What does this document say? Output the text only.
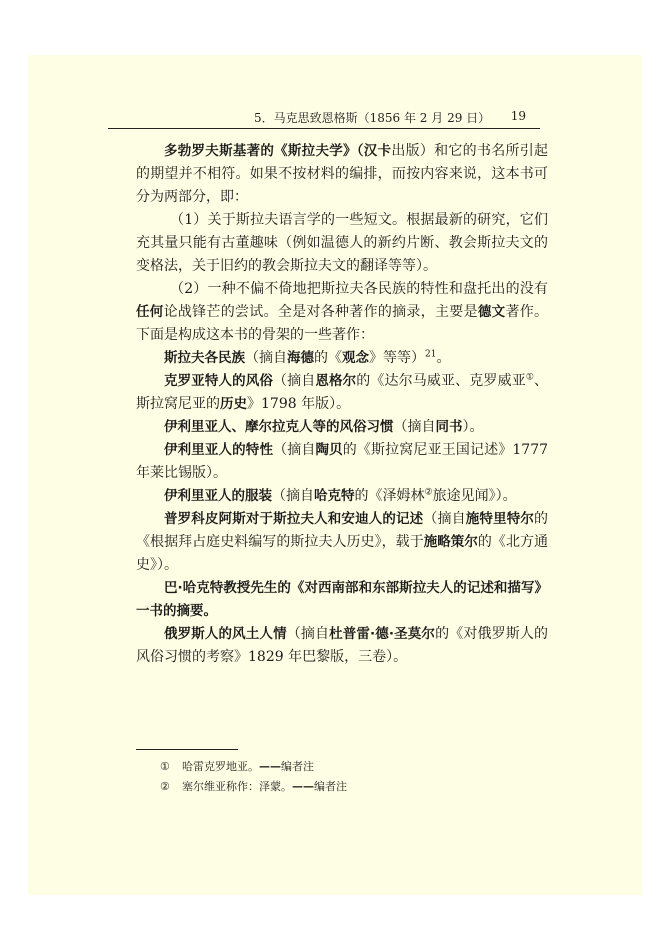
5．马克思致恩格斯（1856 年 2 月 29 日） 19

多勃罗夫斯基著的《斯拉夫学》（汉卡出版）和它的书名所引起的期望并不相符。如果不按材料的编排，而按内容来说，这本书可分为两部分，即：

（1）关于斯拉夫语言学的一些短文。根据最新的研究，它们充其量只能有古董趣味（例如温德人的新约片断、教会斯拉夫文的变格法，关于旧约的教会斯拉夫文的翻译等等）。

（2）一种不偏不倚地把斯拉夫各民族的特性和盘托出的没有任何论战锋芒的尝试。全是对各种著作的摘录，主要是德文著作。下面是构成这本书的骨架的一些著作：

斯拉夫各民族（摘自海德的《观念》等等）$^{21}$。

克罗亚特人的风俗（摘自恩格尔的《达尔马威亚、克罗威亚①、斯拉窝尼亚的历史》1798 年版）。

伊利里亚人、摩尔拉克人等的风俗习惯（摘自同书）。

伊利里亚人的特性（摘自陶贝的《斯拉窝尼亚王国记述》1777 年莱比锡版）。

伊利里亚人的服装（摘自哈克特的《泽姆林②旅途见闻》）。

普罗科皮阿斯对于斯拉夫人和安迪人的记述（摘自施特里特尔的《根据拜占庭史料编写的斯拉夫人历史》，载于施略策尔的《北方通史》）。

巴·哈克特教授先生的《对西南部和东部斯拉夫人的记述和描写》一书的摘要。

俄罗斯人的风土人情（摘自杜普雷·德·圣莫尔的《对俄罗斯人的风俗习惯的考察》1829 年巴黎版，三卷）。

① 哈雷克罗地亚。——编者注
② 塞尔维亚称作：泽蒙。——编者注
